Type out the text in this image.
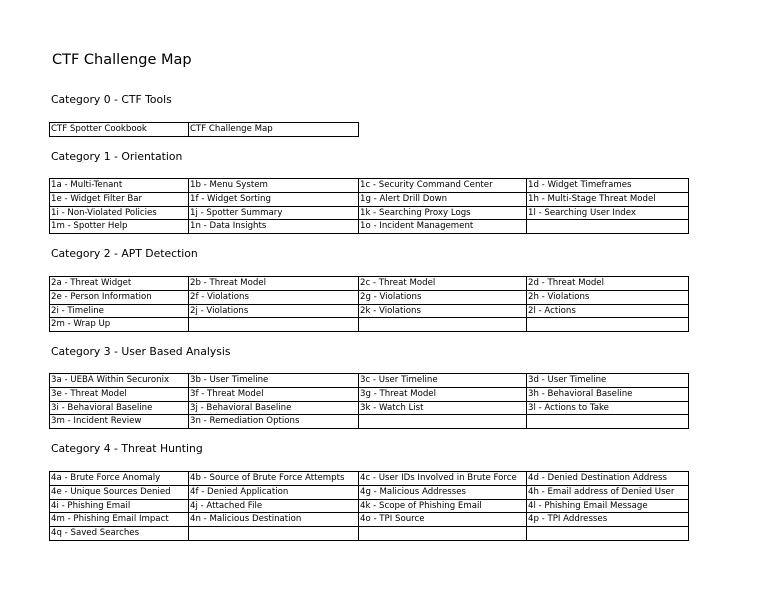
CTF Challenge Map
Category 0 - CTF Tools
CTF Spotter Cookbook	CTF Challenge Map
Category 1 - Orientation
1a - Multi-Tenant	1b - Menu System	1c - Security Command Center	1d - Widget Timeframes
1e - Widget Filter Bar	1f - Widget Sorting	1g - Alert Drill Down	1h - Multi-Stage Threat Model
1i - Non-Violated Policies	1j - Spotter Summary	1k - Searching Proxy Logs	1l - Searching User Index
1m - Spotter Help	1n - Data Insights	1o - Incident Management	
Category 2 - APT Detection
2a - Threat Widget	2b - Threat Model	2c - Threat Model	2d - Threat Model
2e - Person Information	2f - Violations	2g - Violations	2h - Violations
2i - Timeline	2j - Violations	2k - Violations	2l - Actions
2m - Wrap Up			
Category 3 - User Based Analysis
3a - UEBA Within Securonix	3b - User Timeline	3c - User Timeline	3d - User Timeline
3e - Threat Model	3f - Threat Model	3g - Threat Model	3h - Behavioral Baseline
3i - Behavioral Baseline	3j - Behavioral Baseline	3k - Watch List	3l - Actions to Take
3m - Incident Review	3n - Remediation Options		
Category 4 - Threat Hunting
4a - Brute Force Anomaly	4b - Source of Brute Force Attempts	4c - User IDs Involved in Brute Force	4d - Denied Destination Address
4e - Unique Sources Denied	4f - Denied Application	4g - Malicious Addresses	4h - Email address of Denied User
4i - Phishing Email	4j - Attached File	4k - Scope of Phishing Email	4l - Phishing Email Message
4m - Phishing Email Impact	4n - Malicious Destination	4o - TPI Source	4p - TPI Addresses
4q - Saved Searches			
